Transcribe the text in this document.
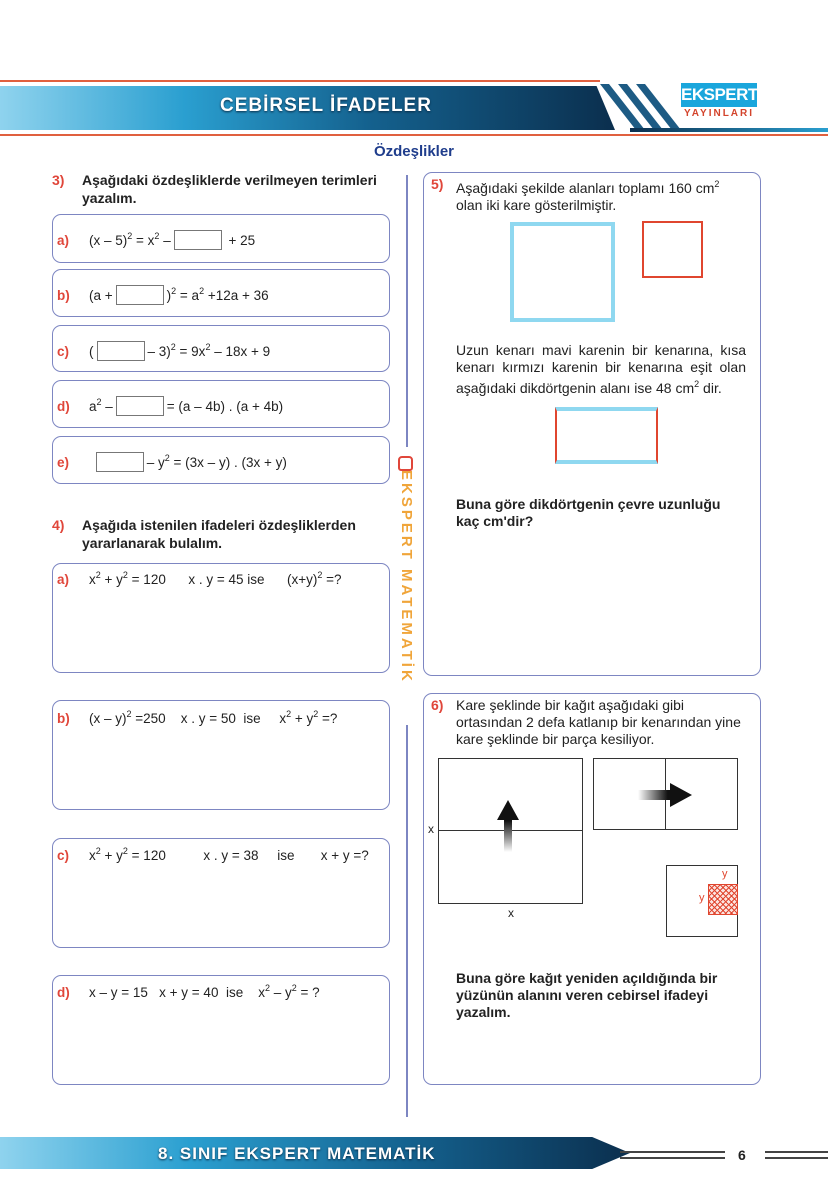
CEBİRSEL İFADELER
EKSPERT
YAYINLARI
Özdeşlikler
EKSPERT MATEMATİK
3) Aşağıdaki özdeşliklerde verilmeyen terimleri yazalım.
a) $(x - 5)^2 = x^2$ –	+ 25
b) (a +	)$^2 = a^2 +12a + 36$
c) (	– $3)^2 = 9x^2 - 18x + 9$
d) $a^2$ –	= (a – 4b) . (a + 4b)
e)	– $y^2 = (3x - y)$ . (3x + y)
4) Aşağıda istenilen ifadeleri özdeşliklerden yararlanarak bulalım.
a) $x^2 + y^2 = 120$      x . y = 45 ise      $(x+y)^2$ =?
b) (x – y)$^2$ =250    x . y = 50  ise     $x^2 + y^2$ =?
c) $x^2 + y^2 = 120$          x . y = 38     ise       x + y =?
d) x – y = 15   x + y = 40  ise    $x^2 - y^2$ = ?
5) Aşağıdaki şekilde alanları toplamı 160 $cm^2$ olan iki kare gösterilmiştir.
Uzun kenarı mavi karenin bir kenarına, kısa kenarı kırmızı karenin bir kenarına eşit olan aşağıdaki dikdörtgenin alanı ise 48 $cm^2$ dir.
Buna göre dikdörtgenin çevre uzunluğu kaç cm'dir?
6) Kare şeklinde bir kağıt aşağıdaki gibi ortasından 2 defa katlanıp bir kenarından yine kare şeklinde bir parça kesiliyor.
x
x
y
y
Buna göre kağıt yeniden açıldığında bir yüzünün alanını veren cebirsel ifadeyi yazalım.
8. SINIF EKSPERT MATEMATİK	6
